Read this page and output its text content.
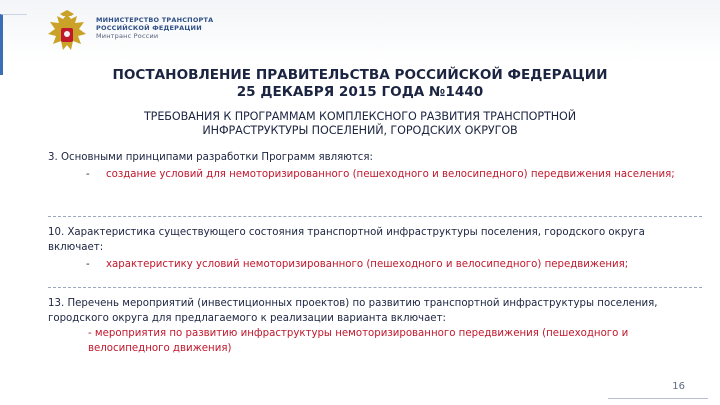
МИНИСТЕРСТВО ТРАНСПОРТА
РОССИЙСКОЙ ФЕДЕРАЦИИ
Минтранс России
ПОСТАНОВЛЕНИЕ ПРАВИТЕЛЬСТВА РОССИЙСКОЙ ФЕДЕРАЦИИ
25 ДЕКАБРЯ 2015 ГОДА №1440
ТРЕБОВАНИЯ К ПРОГРАММАМ КОМПЛЕКСНОГО РАЗВИТИЯ ТРАНСПОРТНОЙ
ИНФРАСТРУКТУРЫ ПОСЕЛЕНИЙ, ГОРОДСКИХ ОКРУГОВ
3. Основными принципами разработки Программ являются:
-	создание условий для немоторизированного (пешеходного и велосипедного) передвижения населения;
10. Характеристика существующего состояния транспортной инфраструктуры поселения, городского округа включает:
-	характеристику условий немоторизированного (пешеходного и велосипедного) передвижения;
13. Перечень мероприятий (инвестиционных проектов) по развитию транспортной инфраструктуры поселения, городского округа для предлагаемого к реализации варианта включает:
- мероприятия по развитию инфраструктуры немоторизированного передвижения (пешеходного и велосипедного движения)
16
